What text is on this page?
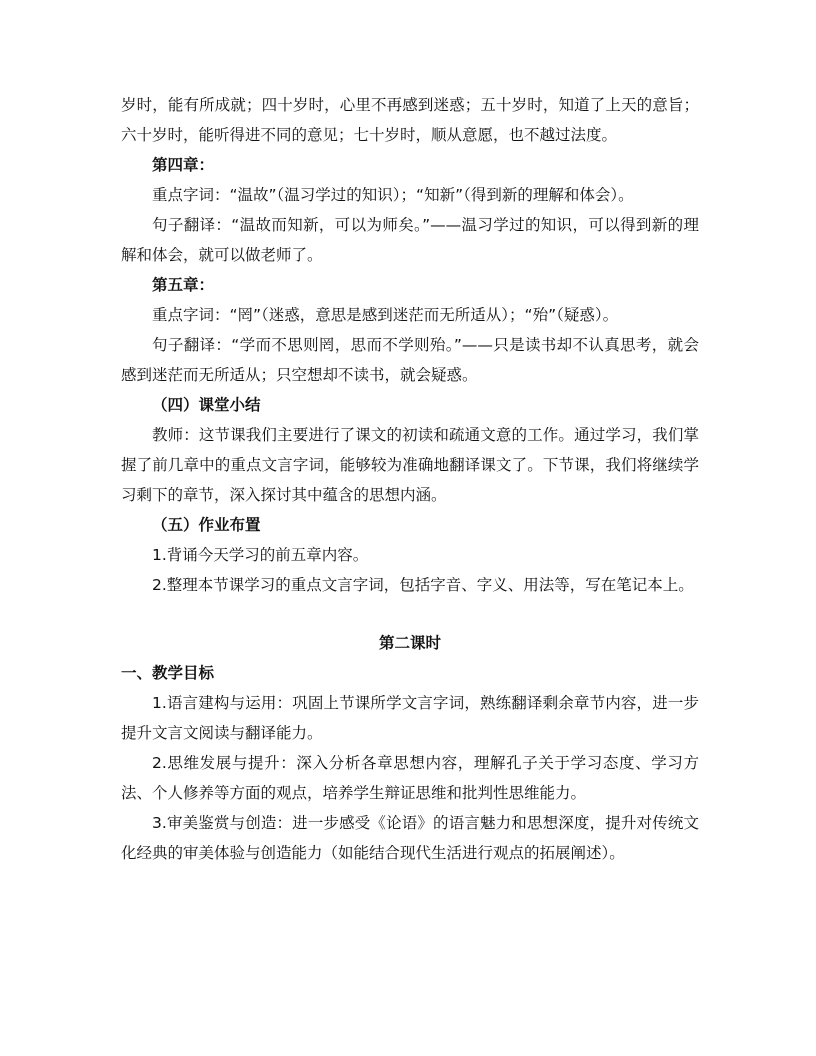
岁时，能有所成就；四十岁时，心里不再感到迷惑；五十岁时，知道了上天的意旨；六十岁时，能听得进不同的意见；七十岁时，顺从意愿，也不越过法度。

第四章：

重点字词：“温故”（温习学过的知识）；“知新”（得到新的理解和体会）。

句子翻译：“温故而知新，可以为师矣。”——温习学过的知识，可以得到新的理解和体会，就可以做老师了。

第五章：

重点字词：“罔”（迷惑，意思是感到迷茫而无所适从）；“殆”（疑惑）。

句子翻译：“学而不思则罔，思而不学则殆。”——只是读书却不认真思考，就会感到迷茫而无所适从；只空想却不读书，就会疑惑。

（四）课堂小结

教师：这节课我们主要进行了课文的初读和疏通文意的工作。通过学习，我们掌握了前几章中的重点文言字词，能够较为准确地翻译课文了。下节课，我们将继续学习剩下的章节，深入探讨其中蕴含的思想内涵。

（五）作业布置

1.背诵今天学习的前五章内容。

2.整理本节课学习的重点文言字词，包括字音、字义、用法等，写在笔记本上。

第二课时

一、教学目标

1.语言建构与运用：巩固上节课所学文言字词，熟练翻译剩余章节内容，进一步提升文言文阅读与翻译能力。

2.思维发展与提升：深入分析各章思想内容，理解孔子关于学习态度、学习方法、个人修养等方面的观点，培养学生辩证思维和批判性思维能力。

3.审美鉴赏与创造：进一步感受《论语》的语言魅力和思想深度，提升对传统文化经典的审美体验与创造能力（如能结合现代生活进行观点的拓展阐述）。
